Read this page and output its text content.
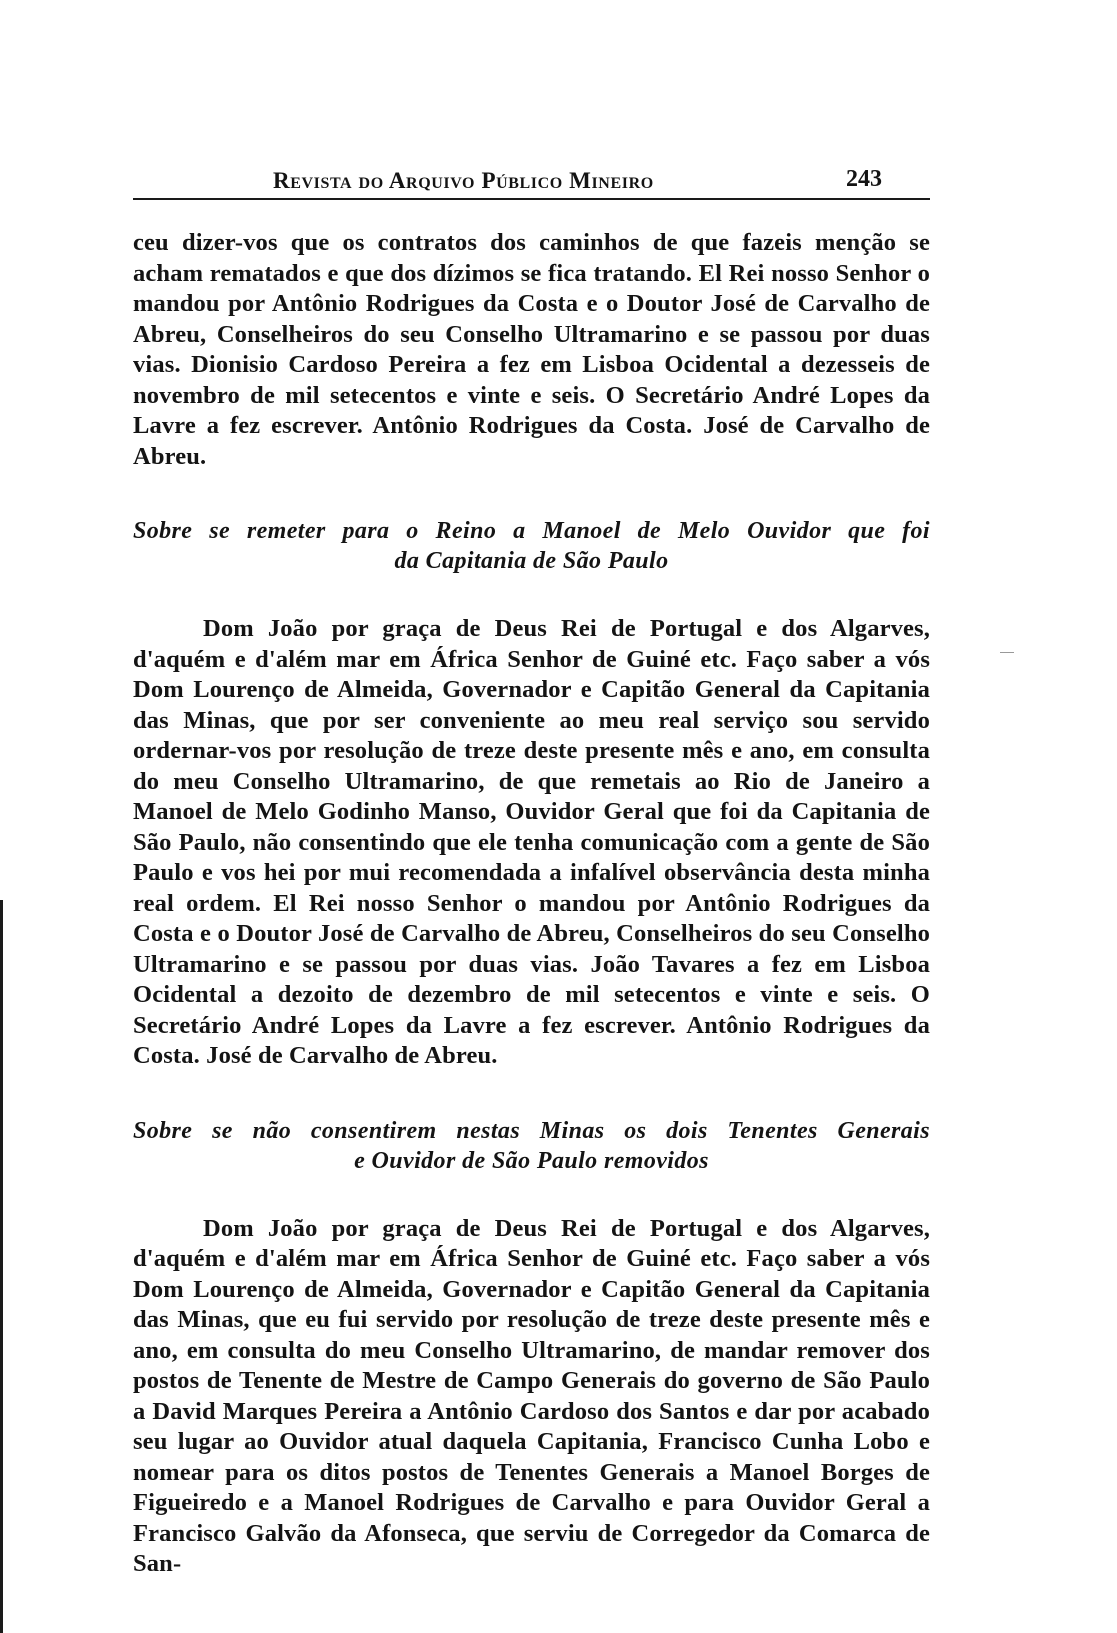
Revista do Arquivo Público Mineiro	243

ceu dizer-vos que os contratos dos caminhos de que fazeis menção se acham rematados e que dos dízimos se fica tratando. El Rei nosso Senhor o mandou por Antônio Rodrigues da Costa e o Doutor José de Carvalho de Abreu, Conselheiros do seu Conselho Ultramarino e se passou por duas vias. Dionisio Cardoso Pereira a fez em Lisboa Ocidental a dezesseis de novembro de mil setecentos e vinte e seis. O Secretário André Lopes da Lavre a fez escrever. Antônio Rodrigues da Costa. José de Carvalho de Abreu.

Sobre se remeter para o Reino a Manoel de Melo Ouvidor que foi
da Capitania de São Paulo

Dom João por graça de Deus Rei de Portugal e dos Algarves, d'aquém e d'além mar em África Senhor de Guiné etc. Faço saber a vós Dom Lourenço de Almeida, Governador e Capitão General da Capitania das Minas, que por ser conveniente ao meu real serviço sou servido ordernar-vos por resolução de treze deste presente mês e ano, em consulta do meu Conselho Ultramarino, de que remetais ao Rio de Janeiro a Manoel de Melo Godinho Manso, Ouvidor Geral que foi da Capitania de São Paulo, não consentindo que ele tenha comunicação com a gente de São Paulo e vos hei por mui recomendada a infalível observância desta minha real ordem. El Rei nosso Senhor o mandou por Antônio Rodrigues da Costa e o Doutor José de Carvalho de Abreu, Conselheiros do seu Conselho Ultramarino e se passou por duas vias. João Tavares a fez em Lisboa Ocidental a dezoito de dezembro de mil setecentos e vinte e seis. O Secretário André Lopes da Lavre a fez escrever. Antônio Rodrigues da Costa. José de Carvalho de Abreu.

Sobre se não consentirem nestas Minas os dois Tenentes Generais
e Ouvidor de São Paulo removidos

Dom João por graça de Deus Rei de Portugal e dos Algarves, d'aquém e d'além mar em África Senhor de Guiné etc. Faço saber a vós Dom Lourenço de Almeida, Governador e Capitão General da Capitania das Minas, que eu fui servido por resolução de treze deste presente mês e ano, em consulta do meu Conselho Ultramarino, de mandar remover dos postos de Tenente de Mestre de Campo Generais do governo de São Paulo a David Marques Pereira a Antônio Cardoso dos Santos e dar por acabado seu lugar ao Ouvidor atual daquela Capitania, Francisco Cunha Lobo e nomear para os ditos postos de Tenentes Generais a Manoel Borges de Figueiredo e a Manoel Rodrigues de Carvalho e para Ouvidor Geral a Francisco Galvão da Afonseca, que serviu de Corregedor da Comarca de San-
